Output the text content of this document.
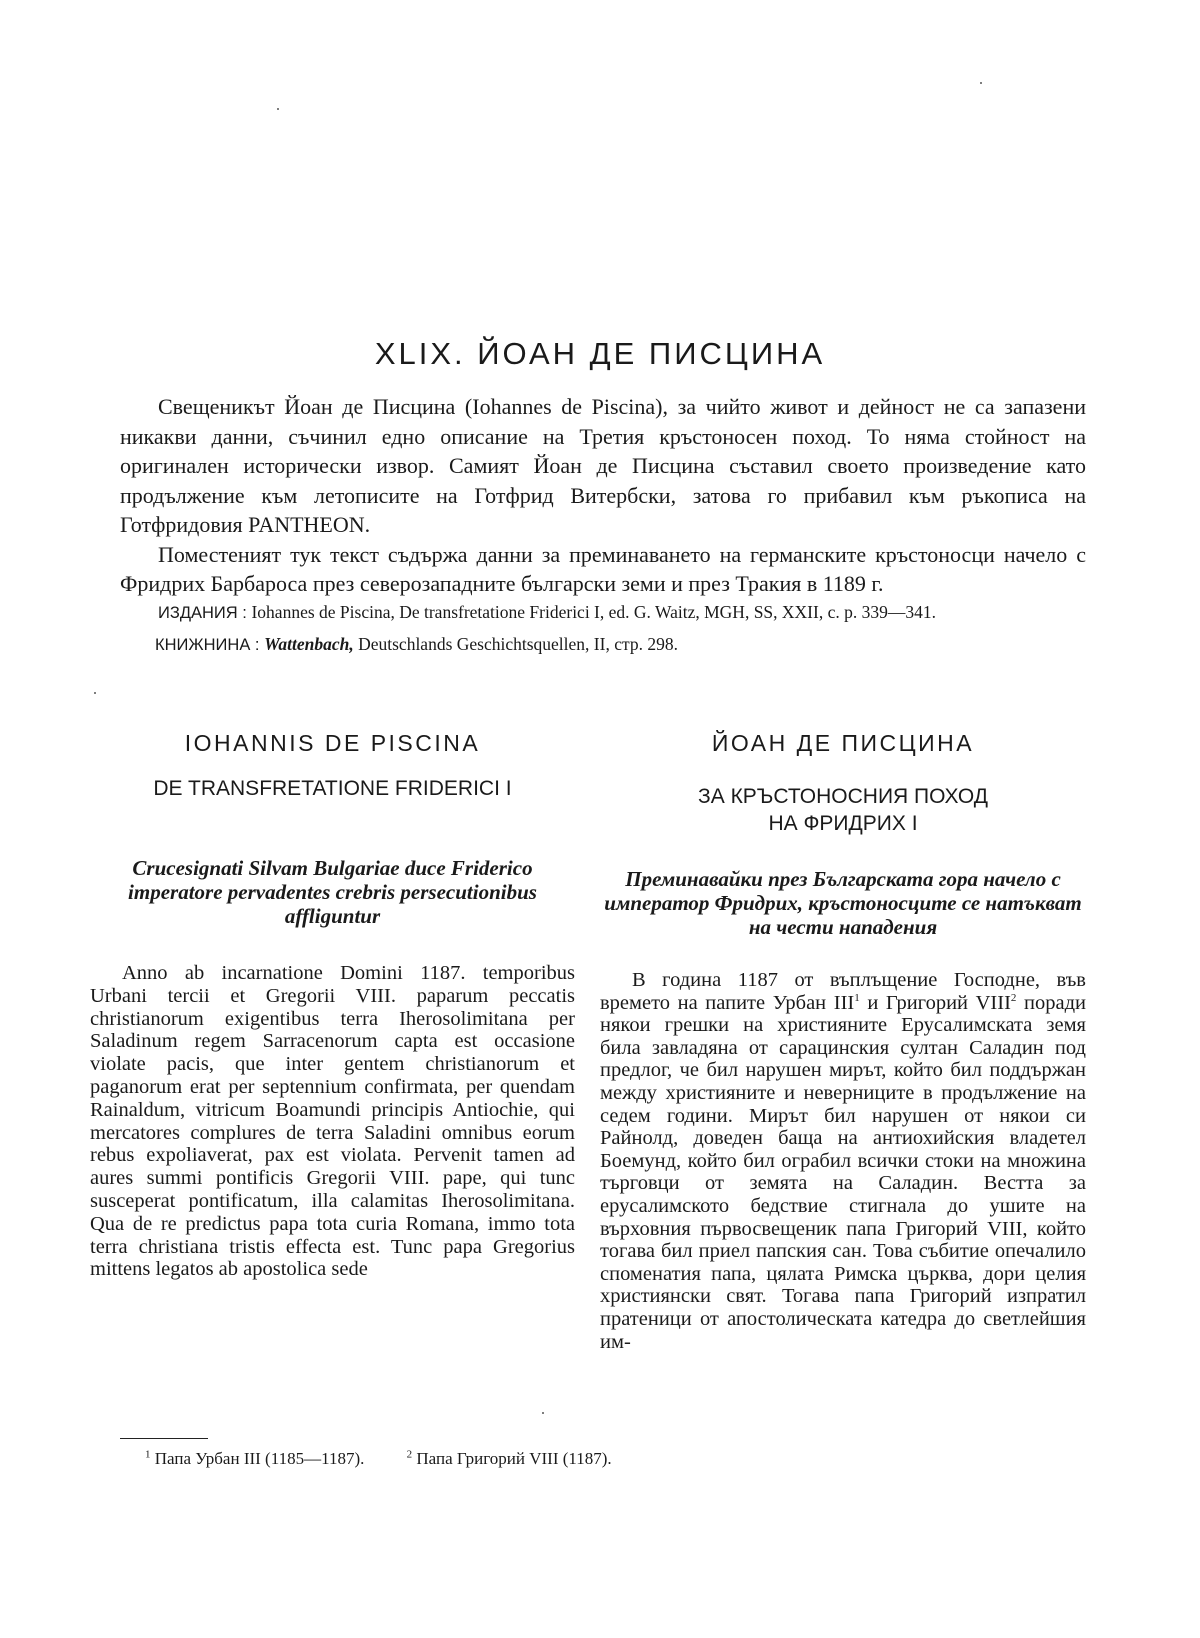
XLIX. ЙОАН ДЕ ПИСЦИНА

Свещеникът Йоан де Писцина (Iohannes de Piscina), за чийто живот и дейност не са запазени никакви данни, съчинил едно описание на Третия кръстоносен поход. То няма стойност на оригинален исторически извор. Самият Йоан де Писцина съставил своето произведение като продължение към летописите на Готфрид Витербски, затова го прибавил към ръкописа на Готфридовия PANTHEON.

Поместеният тук текст съдържа данни за преминаването на германските кръстоносци начело с Фридрих Барбароса през северозападните български земи и през Тракия в 1189 г.

ИЗДАНИЯ : Iohannes de Piscina, De transfretatione Friderici I, ed. G. Waitz, MGH, SS, XXII, с. р. 339—341.
КНИЖНИНА : Wattenbach, Deutschlands Geschichtsquellen, II, стр. 298.
IOHANNIS DE PISCINA
DE TRANSFRETATIONE FRIDERICI I

Crucesignati Silvam Bulgariae duce Friderico imperatore pervadentes crebris persecutionibus affliguntur

Anno ab incarnatione Domini 1187. temporibus Urbani tercii et Gregorii VIII. paparum peccatis christianorum exigentibus terra Iherosolimitana per Saladinum regem Sarracenorum capta est occasione violate pacis, que inter gentem christianorum et paganorum erat per septennium confirmata, per quendam Rainaldum, vitricum Boamundi principis Antiochie, qui mercatores complures de terra Saladini omnibus eorum rebus expoliaverat, pax est violata. Pervenit tamen ad aures summi pontificis Gregorii VIII. pape, qui tunc susceperat pontificatum, illa calamitas Iherosolimitana. Qua de re predictus papa tota curia Romana, immo tota terra christiana tristis effecta est. Tunc papa Gregorius mittens legatos ab apostolica sede

ЙОАН ДЕ ПИСЦИНА
ЗА КРЪСТОНОСНИЯ ПОХОД
НА ФРИДРИХ I

Преминавайки през Българската гора начело с император Фридрих, кръстоносците се натъкват на чести нападения

В година 1187 от въплъщение Господне, във времето на папите Урбан III$^1$ и Григорий VIII$^2$ поради някои грешки на християните Ерусалимската земя била завладяна от сарацинския султан Саладин под предлог, че бил нарушен мирът, който бил поддържан между християните и неверниците в продължение на седем години. Мирът бил нарушен от някои си Райнолд, доведен баща на антиохийския владетел Боемунд, който бил ограбил всички стоки на множина търговци от земята на Саладин. Вестта за ерусалимското бедствие стигнала до ушите на върховния първосвещеник папа Григорий VIII, който тогава бил приел папския сан. Това събитие опечалило споменатия папа, цялата Римска църква, дори целия християнски свят. Тогава папа Григорий изпратил пратеници от апостолическата катедра до светлейшия им-

$^1$ Папа Урбан III (1185—1187).	$^2$ Папа Григорий VIII (1187).
